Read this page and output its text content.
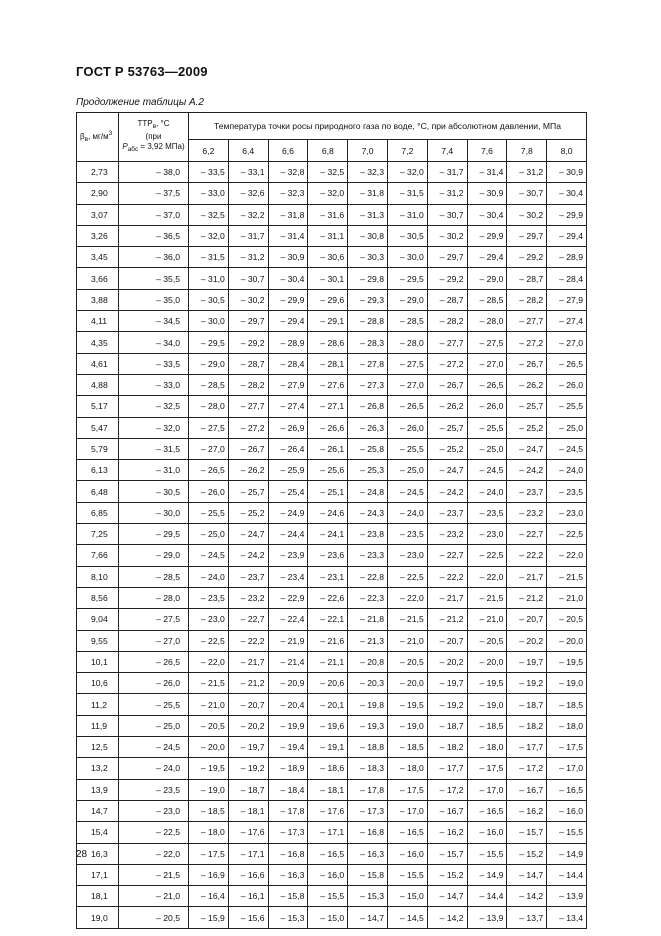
ГОСТ Р 53763—2009
Продолжение таблицы А.2
$\beta_в$, $мг/м^3$	$ТТР_в$, °С
(при
$P_{абс} = 3,92$ МПа)	Температура точки росы природного газа по воде, °С, при абсолютном давлении, МПа									
		6,2	6,4	6,6	6,8	7,0	7,2	7,4	7,6	7,8	8,0
2,73	– 38,0	– 33,5	– 33,1	– 32,8	– 32,5	– 32,3	– 32,0	– 31,7	– 31,4	– 31,2	– 30,9
2,90	– 37,5	– 33,0	– 32,6	– 32,3	– 32,0	– 31,8	– 31,5	– 31,2	– 30,9	– 30,7	– 30,4
3,07	– 37,0	– 32,5	– 32,2	– 31,8	– 31,6	– 31,3	– 31,0	– 30,7	– 30,4	– 30,2	– 29,9
3,26	– 36,5	– 32,0	– 31,7	– 31,4	– 31,1	– 30,8	– 30,5	– 30,2	– 29,9	– 29,7	– 29,4
3,45	– 36,0	– 31,5	– 31,2	– 30,9	– 30,6	– 30,3	– 30,0	– 29,7	– 29,4	– 29,2	– 28,9
3,66	– 35,5	– 31,0	– 30,7	– 30,4	– 30,1	– 29,8	– 29,5	– 29,2	– 29,0	– 28,7	– 28,4
3,88	– 35,0	– 30,5	– 30,2	– 29,9	– 29,6	– 29,3	– 29,0	– 28,7	– 28,5	– 28,2	– 27,9
4,11	– 34,5	– 30,0	– 29,7	– 29,4	– 29,1	– 28,8	– 28,5	– 28,2	– 28,0	– 27,7	– 27,4
4,35	– 34,0	– 29,5	– 29,2	– 28,9	– 28,6	– 28,3	– 28,0	– 27,7	– 27,5	– 27,2	– 27,0
4,61	– 33,5	– 29,0	– 28,7	– 28,4	– 28,1	– 27,8	– 27,5	– 27,2	– 27,0	– 26,7	– 26,5
4,88	– 33,0	– 28,5	– 28,2	– 27,9	– 27,6	– 27,3	– 27,0	– 26,7	– 26,5	– 26,2	– 26,0
5,17	– 32,5	– 28,0	– 27,7	– 27,4	– 27,1	– 26,8	– 26,5	– 26,2	– 26,0	– 25,7	– 25,5
5,47	– 32,0	– 27,5	– 27,2	– 26,9	– 26,6	– 26,3	– 26,0	– 25,7	– 25,5	– 25,2	– 25,0
5,79	– 31,5	– 27,0	– 26,7	– 26,4	– 26,1	– 25,8	– 25,5	– 25,2	– 25,0	– 24,7	– 24,5
6,13	– 31,0	– 26,5	– 26,2	– 25,9	– 25,6	– 25,3	– 25,0	– 24,7	– 24,5	– 24,2	– 24,0
6,48	– 30,5	– 26,0	– 25,7	– 25,4	– 25,1	– 24,8	– 24,5	– 24,2	– 24,0	– 23,7	– 23,5
6,85	– 30,0	– 25,5	– 25,2	– 24,9	– 24,6	– 24,3	– 24,0	– 23,7	– 23,5	– 23,2	– 23,0
7,25	– 29,5	– 25,0	– 24,7	– 24,4	– 24,1	– 23,8	– 23,5	– 23,2	– 23,0	– 22,7	– 22,5
7,66	– 29,0	– 24,5	– 24,2	– 23,9	– 23,6	– 23,3	– 23,0	– 22,7	– 22,5	– 22,2	– 22,0
8,10	– 28,5	– 24,0	– 23,7	– 23,4	– 23,1	– 22,8	– 22,5	– 22,2	– 22,0	– 21,7	– 21,5
8,56	– 28,0	– 23,5	– 23,2	– 22,9	– 22,6	– 22,3	– 22,0	– 21,7	– 21,5	– 21,2	– 21,0
9,04	– 27,5	– 23,0	– 22,7	– 22,4	– 22,1	– 21,8	– 21,5	– 21,2	– 21,0	– 20,7	– 20,5
9,55	– 27,0	– 22,5	– 22,2	– 21,9	– 21,6	– 21,3	– 21,0	– 20,7	– 20,5	– 20,2	– 20,0
10,1	– 26,5	– 22,0	– 21,7	– 21,4	– 21,1	– 20,8	– 20,5	– 20,2	– 20,0	– 19,7	– 19,5
10,6	– 26,0	– 21,5	– 21,2	– 20,9	– 20,6	– 20,3	– 20,0	– 19,7	– 19,5	– 19,2	– 19,0
11,2	– 25,5	– 21,0	– 20,7	– 20,4	– 20,1	– 19,8	– 19,5	– 19,2	– 19,0	– 18,7	– 18,5
11,9	– 25,0	– 20,5	– 20,2	– 19,9	– 19,6	– 19,3	– 19,0	– 18,7	– 18,5	– 18,2	– 18,0
12,5	– 24,5	– 20,0	– 19,7	– 19,4	– 19,1	– 18,8	– 18,5	– 18,2	– 18,0	– 17,7	– 17,5
13,2	– 24,0	– 19,5	– 19,2	– 18,9	– 18,6	– 18,3	– 18,0	– 17,7	– 17,5	– 17,2	– 17,0
13,9	– 23,5	– 19,0	– 18,7	– 18,4	– 18,1	– 17,8	– 17,5	– 17,2	– 17,0	– 16,7	– 16,5
14,7	– 23,0	– 18,5	– 18,1	– 17,8	– 17,6	– 17,3	– 17,0	– 16,7	– 16,5	– 16,2	– 16,0
15,4	– 22,5	– 18,0	– 17,6	– 17,3	– 17,1	– 16,8	– 16,5	– 16,2	– 16,0	– 15,7	– 15,5
16,3	– 22,0	– 17,5	– 17,1	– 16,8	– 16,5	– 16,3	– 16,0	– 15,7	– 15,5	– 15,2	– 14,9
17,1	– 21,5	– 16,9	– 16,6	– 16,3	– 16,0	– 15,8	– 15,5	– 15,2	– 14,9	– 14,7	– 14,4
18,1	– 21,0	– 16,4	– 16,1	– 15,8	– 15,5	– 15,3	– 15,0	– 14,7	– 14,4	– 14,2	– 13,9
19,0	– 20,5	– 15,9	– 15,6	– 15,3	– 15,0	– 14,7	– 14,5	– 14,2	– 13,9	– 13,7	– 13,4
28
